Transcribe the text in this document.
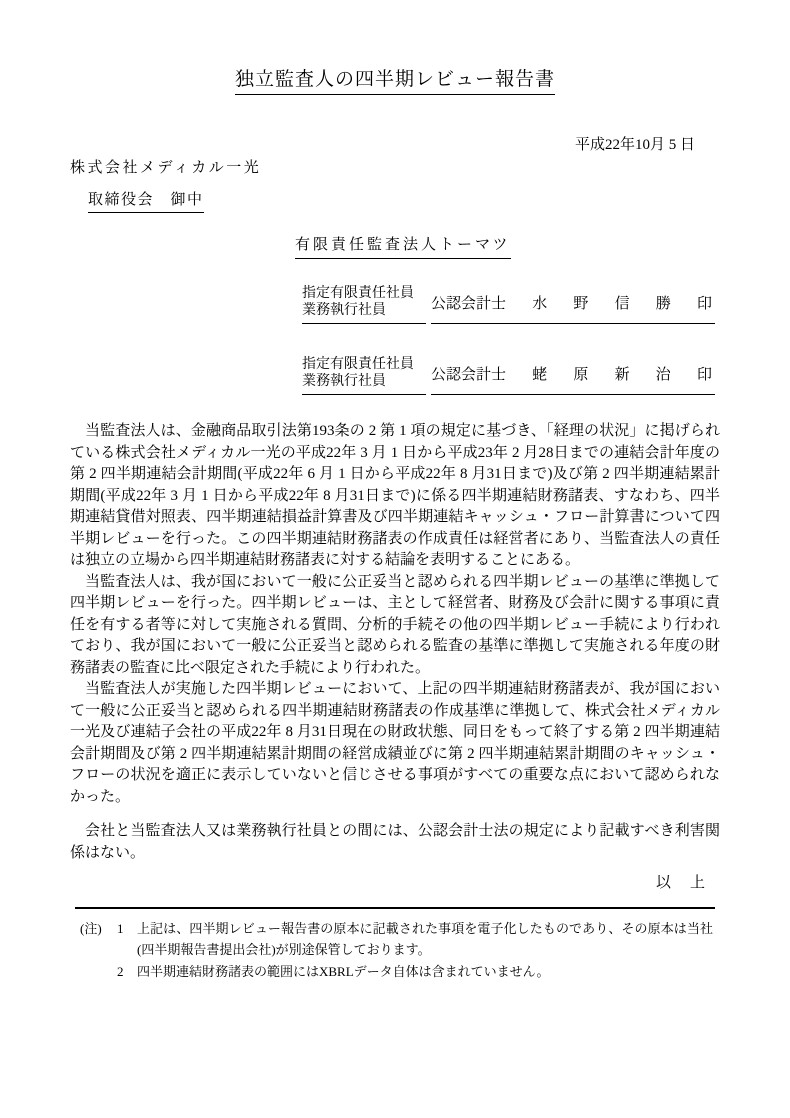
独立監査人の四半期レビュー報告書
平成22年10月 5 日
株式会社メディカル一光
取締役会　御中
有限責任監査法人トーマツ
指定有限責任社員
業務執行社員	公認会計士 水 野 信 勝 印
指定有限責任社員
業務執行社員	公認会計士 蛯 原 新 治 印

当監査法人は、金融商品取引法第193条の 2 第 1 項の規定に基づき、「経理の状況」に掲げられている株式会社メディカル一光の平成22年 3 月 1 日から平成23年 2 月28日までの連結会計年度の第 2 四半期連結会計期間(平成22年 6 月 1 日から平成22年 8 月31日まで)及び第 2 四半期連結累計期間(平成22年 3 月 1 日から平成22年 8 月31日まで)に係る四半期連結財務諸表、すなわち、四半期連結貸借対照表、四半期連結損益計算書及び四半期連結キャッシュ・フロー計算書について四半期レビューを行った。この四半期連結財務諸表の作成責任は経営者にあり、当監査法人の責任は独立の立場から四半期連結財務諸表に対する結論を表明することにある。

当監査法人は、我が国において一般に公正妥当と認められる四半期レビューの基準に準拠して四半期レビューを行った。四半期レビューは、主として経営者、財務及び会計に関する事項に責任を有する者等に対して実施される質問、分析的手続その他の四半期レビュー手続により行われており、我が国において一般に公正妥当と認められる監査の基準に準拠して実施される年度の財務諸表の監査に比べ限定された手続により行われた。

当監査法人が実施した四半期レビューにおいて、上記の四半期連結財務諸表が、我が国において一般に公正妥当と認められる四半期連結財務諸表の作成基準に準拠して、株式会社メディカル一光及び連結子会社の平成22年 8 月31日現在の財政状態、同日をもって終了する第 2 四半期連結会計期間及び第 2 四半期連結累計期間の経営成績並びに第 2 四半期連結累計期間のキャッシュ・フローの状況を適正に表示していないと信じさせる事項がすべての重要な点において認められなかった。

会社と当監査法人又は業務執行社員との間には、公認会計士法の規定により記載すべき利害関係はない。

以　上
(注)	1	上記は、四半期レビュー報告書の原本に記載された事項を電子化したものであり、その原本は当社(四半期報告書提出会社)が別途保管しております。
2	四半期連結財務諸表の範囲にはXBRLデータ自体は含まれていません。
